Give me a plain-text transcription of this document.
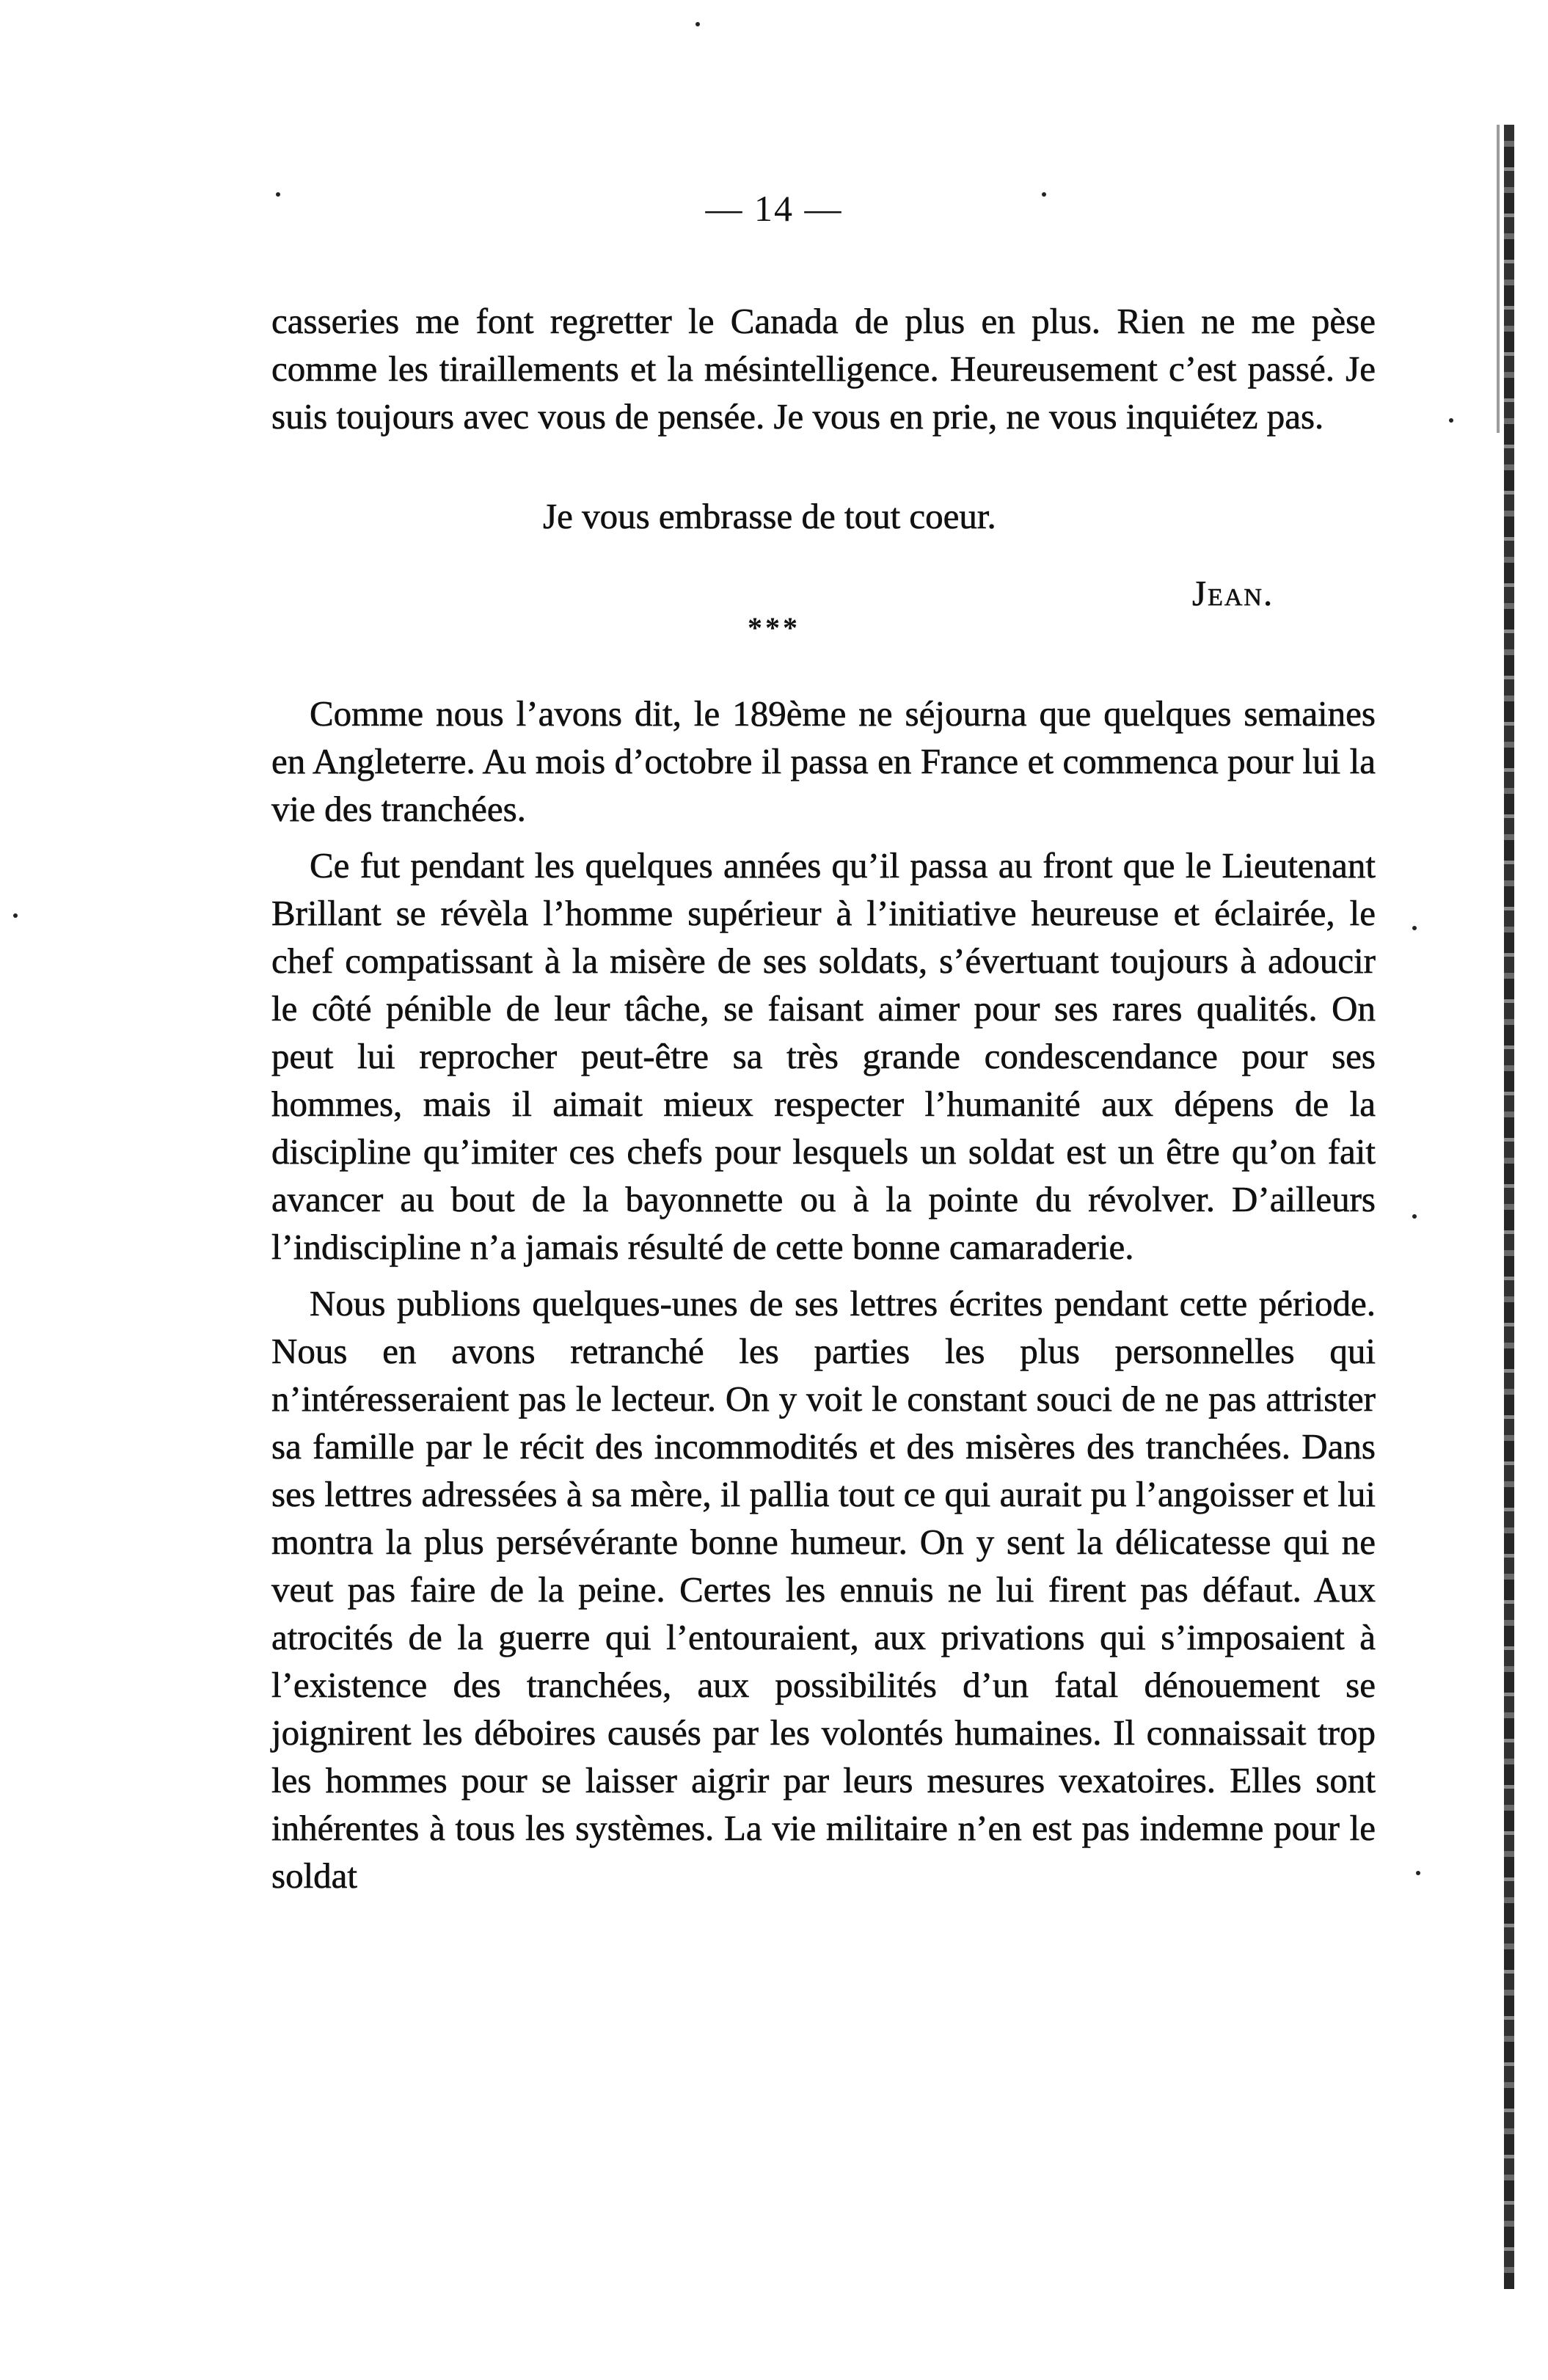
— 14 —

casseries me font regretter le Canada de plus en plus. Rien ne me pèse comme les tiraillements et la mésintelligence. Heureusement c’est passé. Je suis toujours avec vous de pensée. Je vous en prie, ne vous inquiétez pas.

Je vous embrasse de tout coeur.
Jean.
***

Comme nous l’avons dit, le 189ème ne séjourna que quelques semaines en Angleterre. Au mois d’octobre il passa en France et commenca pour lui la vie des tranchées.

Ce fut pendant les quelques années qu’il passa au front que le Lieutenant Brillant se révèla l’homme supérieur à l’initiative heureuse et éclairée, le chef compatissant à la misère de ses soldats, s’évertuant toujours à adoucir le côté pénible de leur tâche, se faisant aimer pour ses rares qualités. On peut lui reprocher peut-être sa très grande condescendance pour ses hommes, mais il aimait mieux respecter l’humanité aux dépens de la discipline qu’imiter ces chefs pour lesquels un soldat est un être qu’on fait avancer au bout de la bayonnette ou à la pointe du révolver. D’ailleurs l’indiscipline n’a jamais résulté de cette bonne camaraderie.

Nous publions quelques-unes de ses lettres écrites pendant cette période. Nous en avons retranché les parties les plus personnelles qui n’intéresseraient pas le lecteur. On y voit le constant souci de ne pas attrister sa famille par le récit des incommodités et des misères des tranchées. Dans ses lettres adressées à sa mère, il pallia tout ce qui aurait pu l’angoisser et lui montra la plus persévérante bonne humeur. On y sent la délicatesse qui ne veut pas faire de la peine. Certes les ennuis ne lui firent pas défaut. Aux atrocités de la guerre qui l’entouraient, aux privations qui s’imposaient à l’existence des tranchées, aux possibilités d’un fatal dénouement se joignirent les déboires causés par les volontés humaines. Il connaissait trop les hommes pour se laisser aigrir par leurs mesures vexatoires. Elles sont inhérentes à tous les systèmes. La vie militaire n’en est pas indemne pour le soldat
